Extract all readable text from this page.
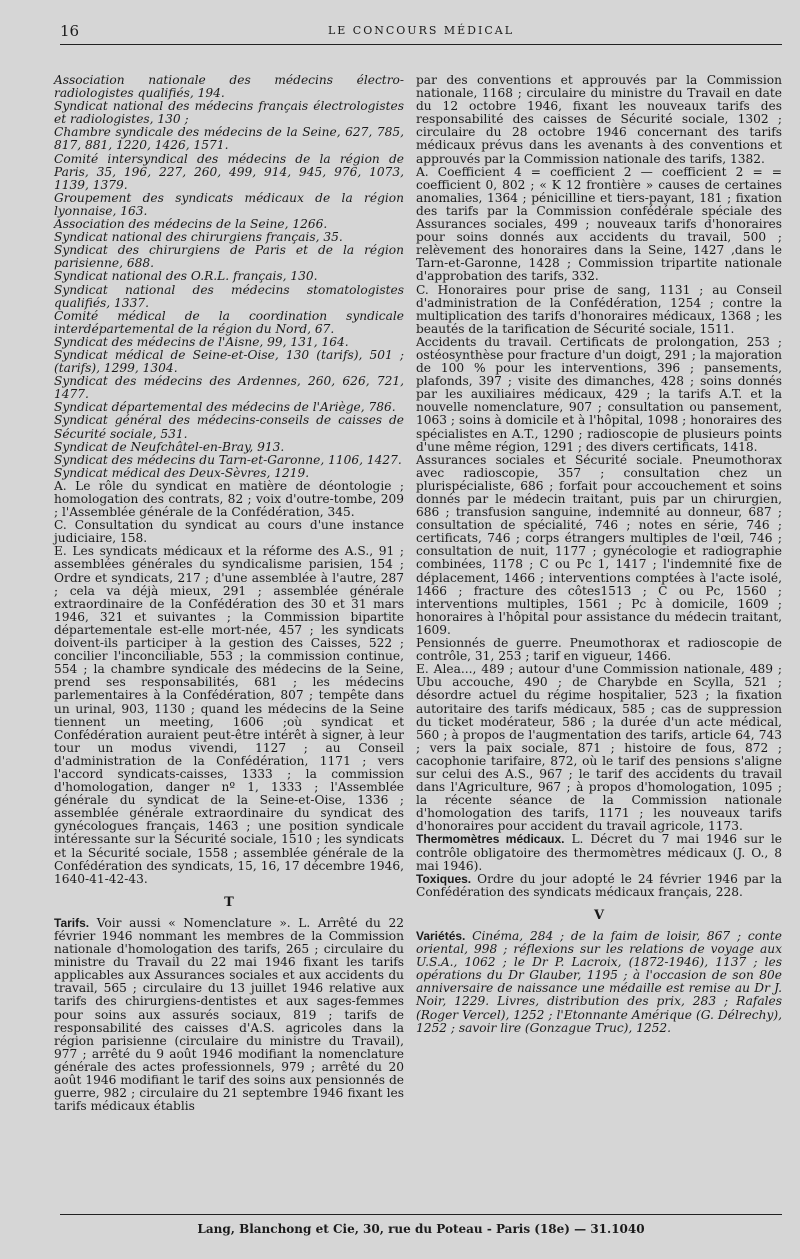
16	LE CONCOURS MÉDICAL
Association nationale des médecins électro-radiologistes qualifiés, 194.
Syndicat national des médecins français électrologistes et radiologistes, 130 ;
Chambre syndicale des médecins de la Seine, 627, 785, 817, 881, 1220, 1426, 1571.
Comité intersyndical des médecins de la région de Paris, 35, 196, 227, 260, 499, 914, 945, 976, 1073, 1139, 1379.
Groupement des syndicats médicaux de la région lyonnaise, 163.
Association des médecins de la Seine, 1266.
Syndicat national des chirurgiens français, 35.
Syndicat des chirurgiens de Paris et de la région parisienne, 688.
Syndicat national des O.R.L. français, 130.
Syndicat national des médecins stomatologistes qualifiés, 1337.
Comité médical de la coordination syndicale interdépartemental de la région du Nord, 67.
Syndicat des médecins de l'Aisne, 99, 131, 164.
Syndicat médical de Seine-et-Oise, 130 (tarifs), 501 ; (tarifs), 1299, 1304.
Syndicat des médecins des Ardennes, 260, 626, 721, 1477.
Syndicat départemental des médecins de l'Ariège, 786.
Syndicat général des médecins-conseils de caisses de Sécurité sociale, 531.
Syndicat de Neufchâtel-en-Bray, 913.
Syndicat des médecins du Tarn-et-Garonne, 1106, 1427.
Syndicat médical des Deux-Sèvres, 1219.
A. Le rôle du syndicat en matière de déontologie ; homologation des contrats, 82 ; voix d'outre-tombe, 209 ; l'Assemblée générale de la Confédération, 345.
C. Consultation du syndicat au cours d'une instance judiciaire, 158.
E. Les syndicats médicaux et la réforme des A.S., 91 ; assemblées générales du syndicalisme parisien, 154 ; Ordre et syndicats, 217 ; d'une assemblée à l'autre, 287 ; cela va déjà mieux, 291 ; assemblée générale extraordinaire de la Confédération des 30 et 31 mars 1946, 321 et suivantes ; la Commission bipartite départementale est-elle mort-née, 457 ; les syndicats doivent-ils participer à la gestion des Caisses, 522 ; concilier l'inconciliable, 553 ; la commission continue, 554 ; la chambre syndicale des médecins de la Seine, prend ses responsabilités, 681 ; les médecins parlementaires à la Confédération, 807 ; tempête dans un urinal, 903, 1130 ; quand les médecins de la Seine tiennent un meeting, 1606 ;où syndicat et Confédération auraient peut-être intérêt à signer, à leur tour un modus vivendi, 1127 ; au Conseil d'administration de la Confédération, 1171 ; vers l'accord syndicats-caisses, 1333 ; la commission d'homologation, danger nº 1, 1333 ; l'Assemblée générale du syndicat de la Seine-et-Oise, 1336 ; assemblée générale extraordinaire du syndicat des gynécologues français, 1463 ; une position syndicale intéressante sur la Sécurité sociale, 1510 ; les syndicats et la Sécurité sociale, 1558 ; assemblée générale de la Confédération des syndicats, 15, 16, 17 décembre 1946, 1640-41-42-43.
T
Tarifs. Voir aussi « Nomenclature ». L. Arrêté du 22 février 1946 nommant les membres de la Commission nationale d'homologation des tarifs, 265 ; circulaire du ministre du Travail du 22 mai 1946 fixant les tarifs applicables aux Assurances sociales et aux accidents du travail, 565 ; circulaire du 13 juillet 1946 relative aux tarifs des chirurgiens-dentistes et aux sages-femmes pour soins aux assurés sociaux, 819 ; tarifs de responsabilité des caisses d'A.S. agricoles dans la région parisienne (circulaire du ministre du Travail), 977 ; arrêté du 9 août 1946 modifiant la nomenclature générale des actes professionnels, 979 ; arrêté du 20 août 1946 modifiant le tarif des soins aux pensionnés de guerre, 982 ; circulaire du 21 septembre 1946 fixant les tarifs médicaux établis
par des conventions et approuvés par la Commission nationale, 1168 ; circulaire du ministre du Travail en date du 12 octobre 1946, fixant les nouveaux tarifs des responsabilité des caisses de Sécurité sociale, 1302 ; circulaire du 28 octobre 1946 concernant des tarifs médicaux prévus dans les avenants à des conventions et approuvés par la Commission nationale des tarifs, 1382.
A. Coefficient 4 = coefficient 2 — coefficient 2 = = coefficient 0, 802 ; « K 12 frontière » causes de certaines anomalies, 1364 ; pénicilline et tiers-payant, 181 ; fixation des tarifs par la Commission confédérale spéciale des Assurances sociales, 499 ; nouveaux tarifs d'honoraires pour soins donnés aux accidents du travail, 500 ; relèvement des honoraires dans la Seine, 1427 ,dans le Tarn-et-Garonne, 1428 ; Commission tripartite nationale d'approbation des tarifs, 332.
C. Honoraires pour prise de sang, 1131 ; au Conseil d'administration de la Confédération, 1254 ; contre la multiplication des tarifs d'honoraires médicaux, 1368 ; les beautés de la tarification de Sécurité sociale, 1511.
Accidents du travail. Certificats de prolongation, 253 ; ostéosynthèse pour fracture d'un doigt, 291 ; la majoration de 100 % pour les interventions, 396 ; pansements, plafonds, 397 ; visite des dimanches, 428 ; soins donnés par les auxiliaires médicaux, 429 ; la tarifs A.T. et la nouvelle nomenclature, 907 ; consultation ou pansement, 1063 ; soins à domicile et à l'hôpital, 1098 ; honoraires des spécialistes en A.T., 1290 ; radioscopie de plusieurs points d'une même région, 1291 ; des divers certificats, 1418.
Assurances sociales et Sécurité sociale. Pneumothorax avec radioscopie, 357 ; consultation chez un plurispécialiste, 686 ; forfait pour accouchement et soins donnés par le médecin traitant, puis par un chirurgien, 686 ; transfusion sanguine, indemnité au donneur, 687 ; consultation de spécialité, 746 ; notes en série, 746 ; certificats, 746 ; corps étrangers multiples de l'œil, 746 ; consultation de nuit, 1177 ; gynécologie et radiographie combinées, 1178 ; C ou Pc 1, 1417 ; l'indemnité fixe de déplacement, 1466 ; interventions comptées à l'acte isolé, 1466 ; fracture des côtes1513 ; C ou Pc, 1560 ; interventions multiples, 1561 ; Pc à domicile, 1609 ; honoraires à l'hôpital pour assistance du médecin traitant, 1609.
Pensionnés de guerre. Pneumothorax et radioscopie de contrôle, 31, 253 ; tarif en vigueur, 1466.
E. Alea..., 489 ; autour d'une Commission nationale, 489 ; Ubu accouche, 490 ; de Charybde en Scylla, 521 ; désordre actuel du régime hospitalier, 523 ; la fixation autoritaire des tarifs médicaux, 585 ; cas de suppression du ticket modérateur, 586 ; la durée d'un acte médical, 560 ; à propos de l'augmentation des tarifs, article 64, 743 ; vers la paix sociale, 871 ; histoire de fous, 872 ; cacophonie tarifaire, 872, où le tarif des pensions s'aligne sur celui des A.S., 967 ; le tarif des accidents du travail dans l'Agriculture, 967 ; à propos d'homologation, 1095 ; la récente séance de la Commission nationale d'homologation des tarifs, 1171 ; les nouveaux tarifs d'honoraires pour accident du travail agricole, 1173.
Thermomètres médicaux. L. Décret du 7 mai 1946 sur le contrôle obligatoire des thermomètres médicaux (J. O., 8 mai 1946).
Toxiques. Ordre du jour adopté le 24 février 1946 par la Confédération des syndicats médicaux français, 228.
V
Variétés. Cinéma, 284 ; de la faim de loisir, 867 ; conte oriental, 998 ; réflexions sur les relations de voyage aux U.S.A., 1062 ; le Dr P. Lacroix, (1872-1946), 1137 ; les opérations du Dr Glauber, 1195 ; à l'occasion de son 80e anniversaire de naissance une médaille est remise au Dr J. Noir, 1229. Livres, distribution des prix, 283 ; Rafales (Roger Vercel), 1252 ; l'Etonnante Amérique (G. Délrechy), 1252 ; savoir lire (Gonzague Truc), 1252.
Lang, Blanchong et Cie, 30, rue du Poteau - Paris (18e) — 31.1040
